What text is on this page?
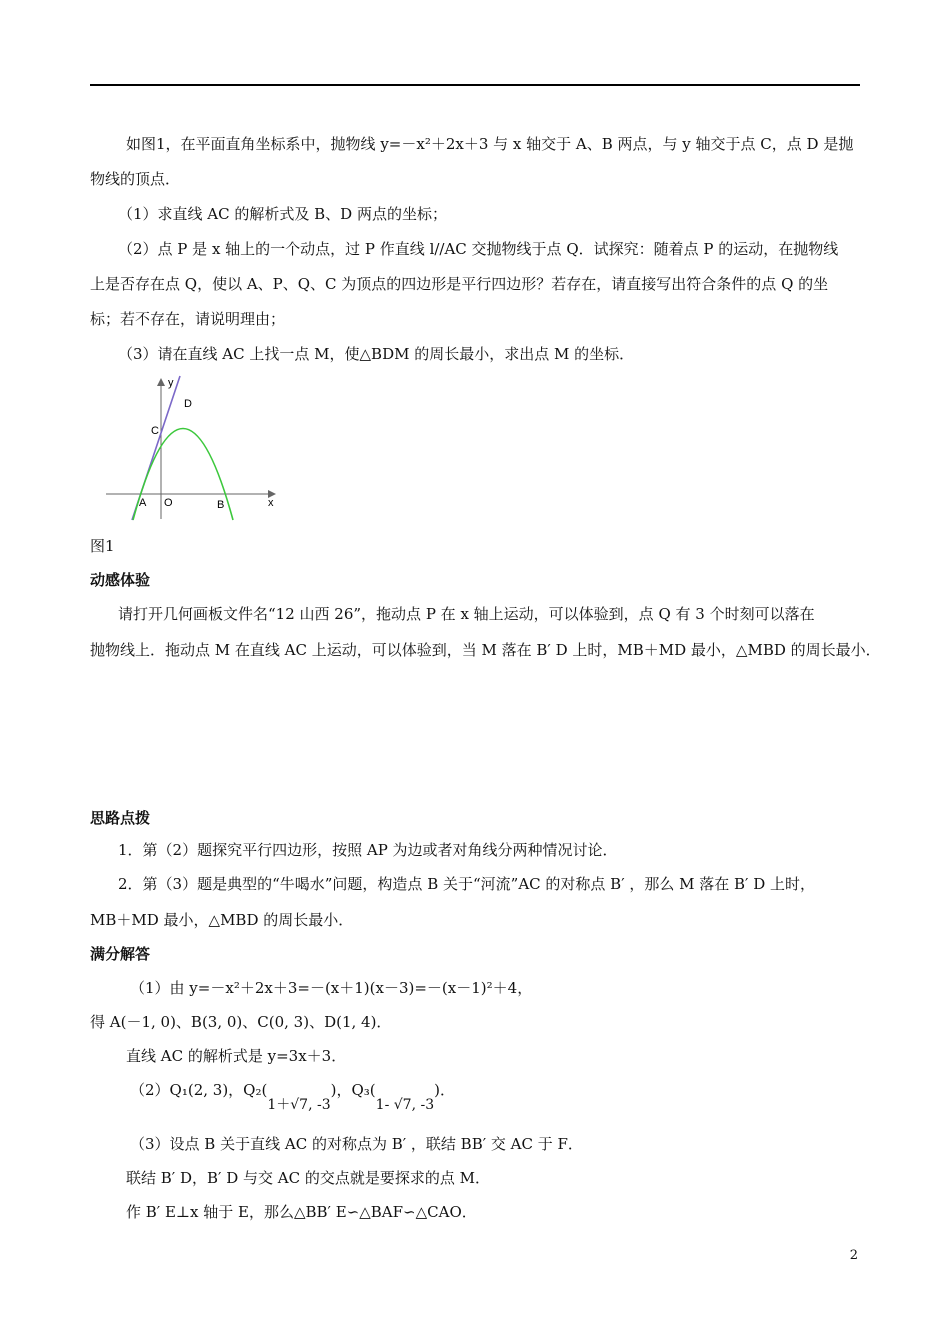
如图1，在平面直角坐标系中，抛物线 y=－x²＋2x＋3 与 x 轴交于 A、B 两点，与 y 轴交于点 C，点 D 是抛
物线的顶点．
（1）求直线 AC 的解析式及 B、D 两点的坐标；
（2）点 P 是 x 轴上的一个动点，过 P 作直线 l//AC 交抛物线于点 Q．试探究：随着点 P 的运动，在抛物线
上是否存在点 Q，使以 A、P、Q、C 为顶点的四边形是平行四边形？若存在，请直接写出符合条件的点 Q 的坐
标；若不存在，请说明理由；
（3）请在直线 AC 上找一点 M，使△BDM 的周长最小，求出点 M 的坐标．
y
x
D
C
A O	B
图1
动感体验
请打开几何画板文件名“12 山西 26”，拖动点 P 在 x 轴上运动，可以体验到，点 Q 有 3 个时刻可以落在
抛物线上．拖动点 M 在直线 AC 上运动，可以体验到，当 M 落在 B′ D 上时，MB＋MD 最小，△MBD 的周长最小．
思路点拨
1．第（2）题探究平行四边形，按照 AP 为边或者对角线分两种情况讨论．
2．第（3）题是典型的“牛喝水”问题，构造点 B 关于“河流”AC 的对称点 B′ ，那么 M 落在 B′ D 上时，
MB＋MD 最小，△MBD 的周长最小．
满分解答
（1）由 y=－x²＋2x＋3=－(x＋1)(x－3)=－(x－1)²＋4，
得 A(－1, 0)、B(3, 0)、C(0, 3)、D(1, 4)．
直线 AC 的解析式是 y=3x＋3．
（2）Q₁(2, 3)，Q₂(1＋√7, -3)，Q₃(1- √7, -3)．
（3）设点 B 关于直线 AC 的对称点为 B′ ，联结 BB′ 交 AC 于 F．
联结 B′ D，B′ D 与交 AC 的交点就是要探求的点 M．
作 B′ E⊥x 轴于 E，那么△BB′ E∽△BAF∽△CAO．
2
